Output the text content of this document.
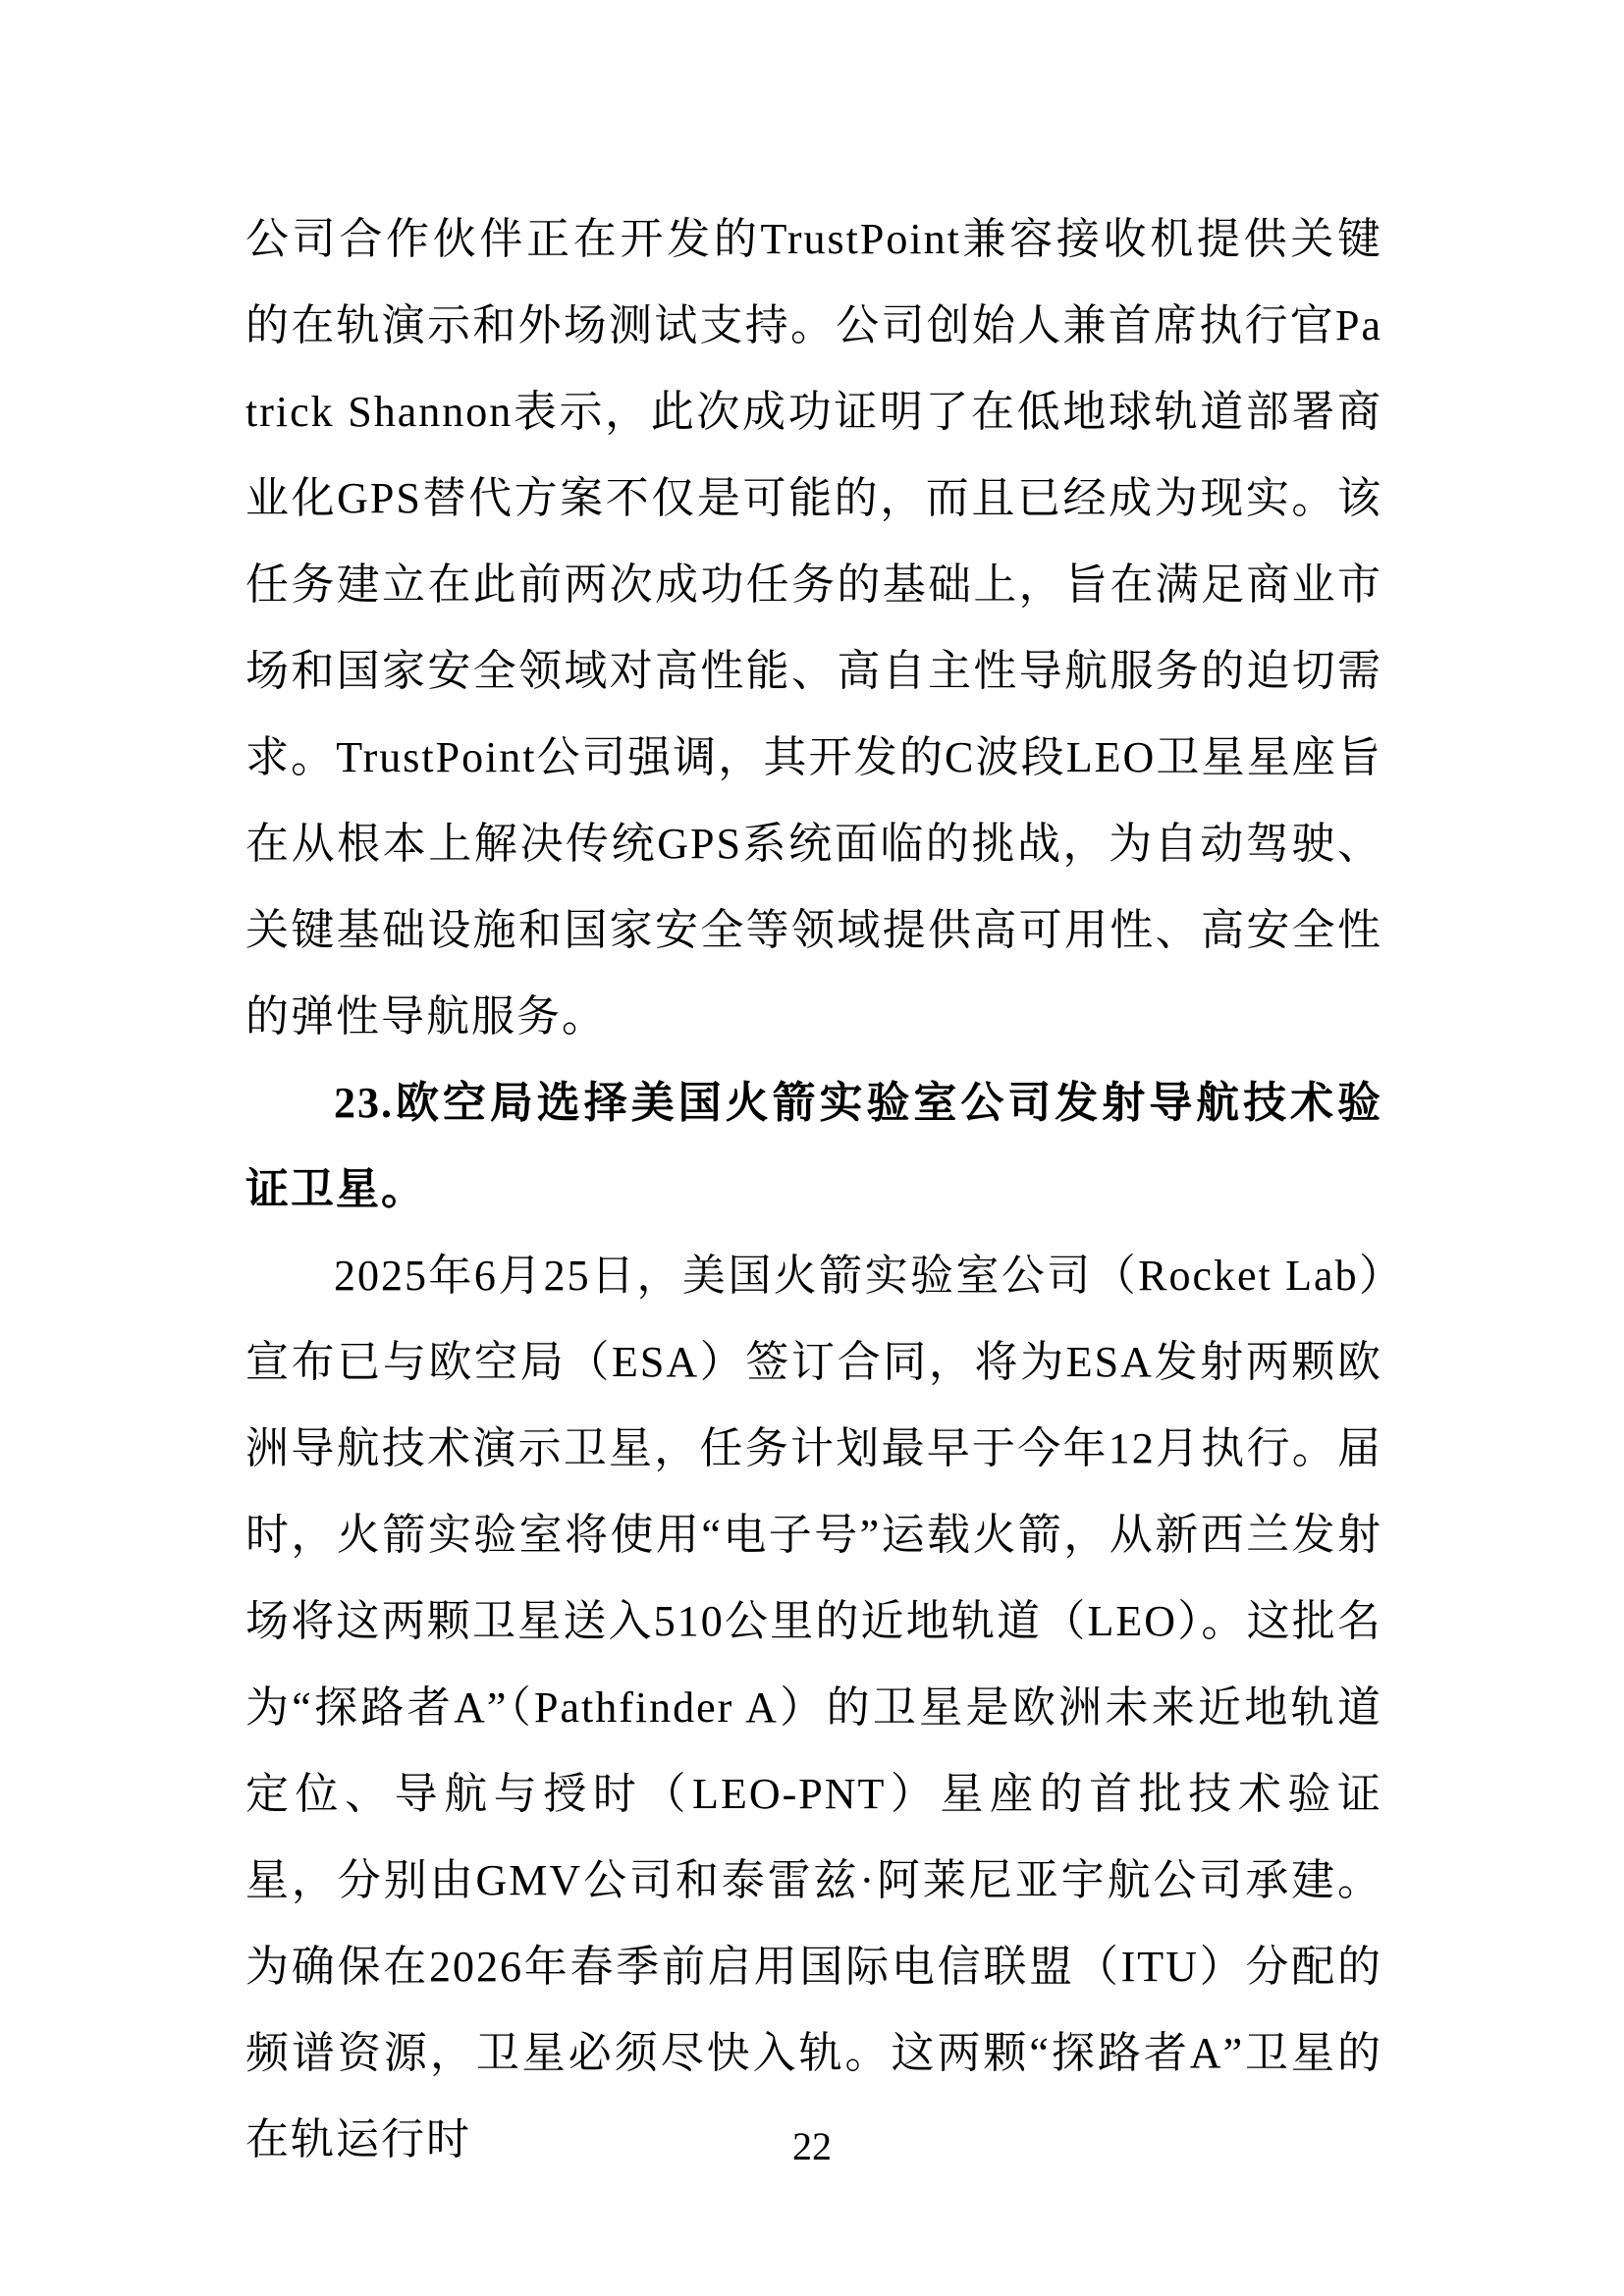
公司合作伙伴正在开发的TrustPoint兼容接收机提供关键的在轨演示和外场测试支持。公司创始人兼首席执行官Patrick Shannon表示，此次成功证明了在低地球轨道部署商业化GPS替代方案不仅是可能的，而且已经成为现实。该任务建立在此前两次成功任务的基础上，旨在满足商业市场和国家安全领域对高性能、高自主性导航服务的迫切需求。TrustPoint公司强调，其开发的C波段LEO卫星星座旨在从根本上解决传统GPS系统面临的挑战，为自动驾驶、关键基础设施和国家安全等领域提供高可用性、高安全性的弹性导航服务。

23.欧空局选择美国火箭实验室公司发射导航技术验证卫星。

2025年6月25日，美国火箭实验室公司（Rocket Lab）宣布已与欧空局（ESA）签订合同，将为ESA发射两颗欧洲导航技术演示卫星，任务计划最早于今年12月执行。届时，火箭实验室将使用“电子号”运载火箭，从新西兰发射场将这两颗卫星送入510公里的近地轨道（LEO）。这批名为“探路者A”（Pathfinder A）的卫星是欧洲未来近地轨道定位、导航与授时（LEO-PNT）星座的首批技术验证星，分别由GMV公司和泰雷兹·阿莱尼亚宇航公司承建。为确保在2026年春季前启用国际电信联盟（ITU）分配的频谱资源，卫星必须尽快入轨。这两颗“探路者A”卫星的在轨运行时	22
